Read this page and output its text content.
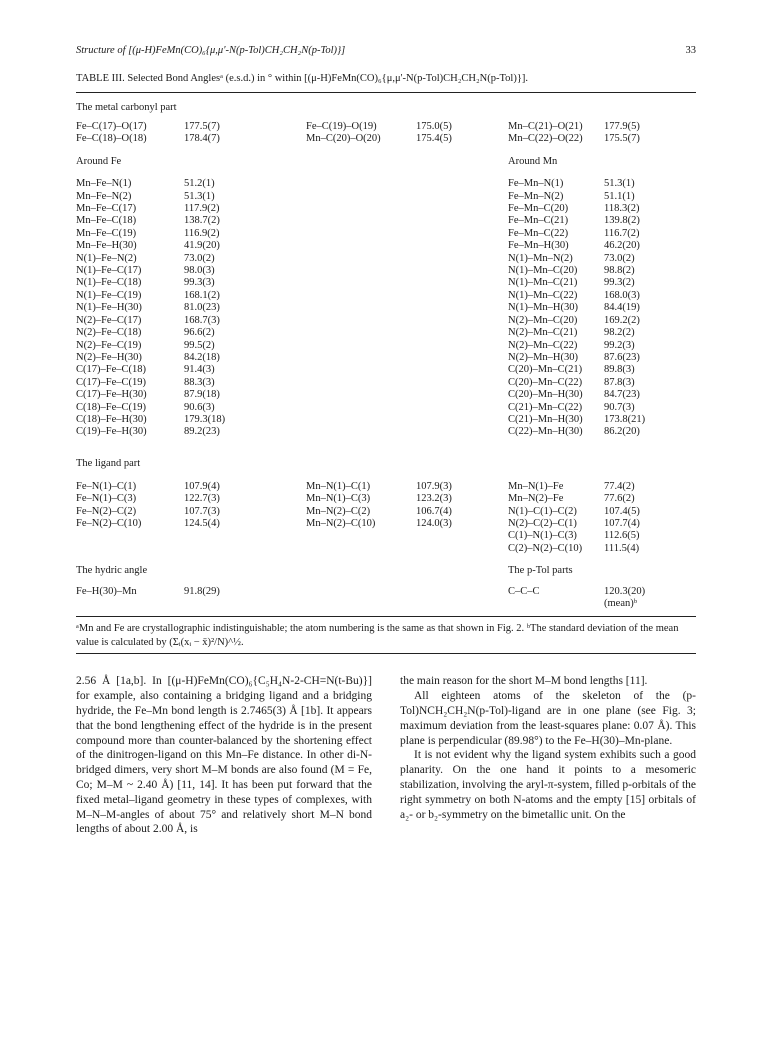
Structure of [(μ-H)FeMn(CO)₆{μ,μ'-N(p-Tol)CH₂CH₂N(p-Tol)}]	33
TABLE III. Selected Bond Anglesᵃ (e.s.d.) in ° within [(μ-H)FeMn(CO)₆{μ,μ'-N(p-Tol)CH₂CH₂N(p-Tol)}].
The metal carbonyl part
Fe–C(17)–O(17)	177.5(7)	Fe–C(19)–O(19)	175.0(5)	Mn–C(21)–O(21)	177.9(5)
Fe–C(18)–O(18)	178.4(7)	Mn–C(20)–O(20)	175.4(5)	Mn–C(22)–O(22)	175.5(7)
Around Fe	Around Mn
Mn–Fe–N(1)	51.2(1)	Fe–Mn–N(1)	51.3(1)
Mn–Fe–N(2)	51.3(1)	Fe–Mn–N(2)	51.1(1)
Mn–Fe–C(17)	117.9(2)	Fe–Mn–C(20)	118.3(2)
Mn–Fe–C(18)	138.7(2)	Fe–Mn–C(21)	139.8(2)
Mn–Fe–C(19)	116.9(2)	Fe–Mn–C(22)	116.7(2)
Mn–Fe–H(30)	41.9(20)	Fe–Mn–H(30)	46.2(20)
N(1)–Fe–N(2)	73.0(2)	N(1)–Mn–N(2)	73.0(2)
N(1)–Fe–C(17)	98.0(3)	N(1)–Mn–C(20)	98.8(2)
N(1)–Fe–C(18)	99.3(3)	N(1)–Mn–C(21)	99.3(2)
N(1)–Fe–C(19)	168.1(2)	N(1)–Mn–C(22)	168.0(3)
N(1)–Fe–H(30)	81.0(23)	N(1)–Mn–H(30)	84.4(19)
N(2)–Fe–C(17)	168.7(3)	N(2)–Mn–C(20)	169.2(2)
N(2)–Fe–C(18)	96.6(2)	N(2)–Mn–C(21)	98.2(2)
N(2)–Fe–C(19)	99.5(2)	N(2)–Mn–C(22)	99.2(3)
N(2)–Fe–H(30)	84.2(18)	N(2)–Mn–H(30)	87.6(23)
C(17)–Fe–C(18)	91.4(3)	C(20)–Mn–C(21)	89.8(3)
C(17)–Fe–C(19)	88.3(3)	C(20)–Mn–C(22)	87.8(3)
C(17)–Fe–H(30)	87.9(18)	C(20)–Mn–H(30)	84.7(23)
C(18)–Fe–C(19)	90.6(3)	C(21)–Mn–C(22)	90.7(3)
C(18)–Fe–H(30)	179.3(18)	C(21)–Mn–H(30)	173.8(21)
C(19)–Fe–H(30)	89.2(23)	C(22)–Mn–H(30)	86.2(20)
The ligand part
Fe–N(1)–C(1)	107.9(4)	Mn–N(1)–C(1)	107.9(3)	Mn–N(1)–Fe	77.4(2)
Fe–N(1)–C(3)	122.7(3)	Mn–N(1)–C(3)	123.2(3)	Mn–N(2)–Fe	77.6(2)
Fe–N(2)–C(2)	107.7(3)	Mn–N(2)–C(2)	106.7(4)	N(1)–C(1)–C(2)	107.4(5)
Fe–N(2)–C(10)	124.5(4)	Mn–N(2)–C(10)	124.0(3)	N(2)–C(2)–C(1)	107.7(4)
				C(1)–N(1)–C(3)	112.6(5)
				C(2)–N(2)–C(10)	111.5(4)
The hydric angle		The p-Tol parts	

Fe–H(30)–Mn	91.8(29)	C–C–C	120.3(20)
			(mean)ᵇ
ᵃMn and Fe are crystallographic indistinguishable; the atom numbering is the same as that shown in Fig. 2. ᵇThe standard deviation of the mean value is calculated by (Σᵢ(xᵢ − x̄)²/N)^½.
2.56 Å [1a,b]. In [(μ-H)FeMn(CO)₆{C₅H₄N-2-CH=N(t-Bu)}] for example, also containing a bridging ligand and a bridging hydride, the Fe–Mn bond length is 2.7465(3) Å [1b]. It appears that the bond lengthening effect of the hydride is in the present compound more than counter-balanced by the shortening effect of the dinitrogen-ligand on this Mn–Fe distance. In other di-N-bridged dimers, very short M–M bonds are also found (M = Fe, Co; M–M ~ 2.40 Å) [11, 14]. It has been put forward that the fixed metal–ligand geometry in these types of complexes, with M–N–M-angles of about 75° and relatively short M–N bond lengths of about 2.00 Å, is
the main reason for the short M–M bond lengths [11].
All eighteen atoms of the skeleton of the (p-Tol)NCH₂CH₂N(p-Tol)-ligand are in one plane (see Fig. 3; maximum deviation from the least-squares plane: 0.07 Å). This plane is perpendicular (89.98°) to the Fe–H(30)–Mn-plane.
It is not evident why the ligand system exhibits such a good planarity. On the one hand it points to a mesomeric stabilization, involving the aryl-π-system, filled p-orbitals of the right symmetry on both N-atoms and the empty [15] orbitals of a₂- or b₂-symmetry on the bimetallic unit. On the
